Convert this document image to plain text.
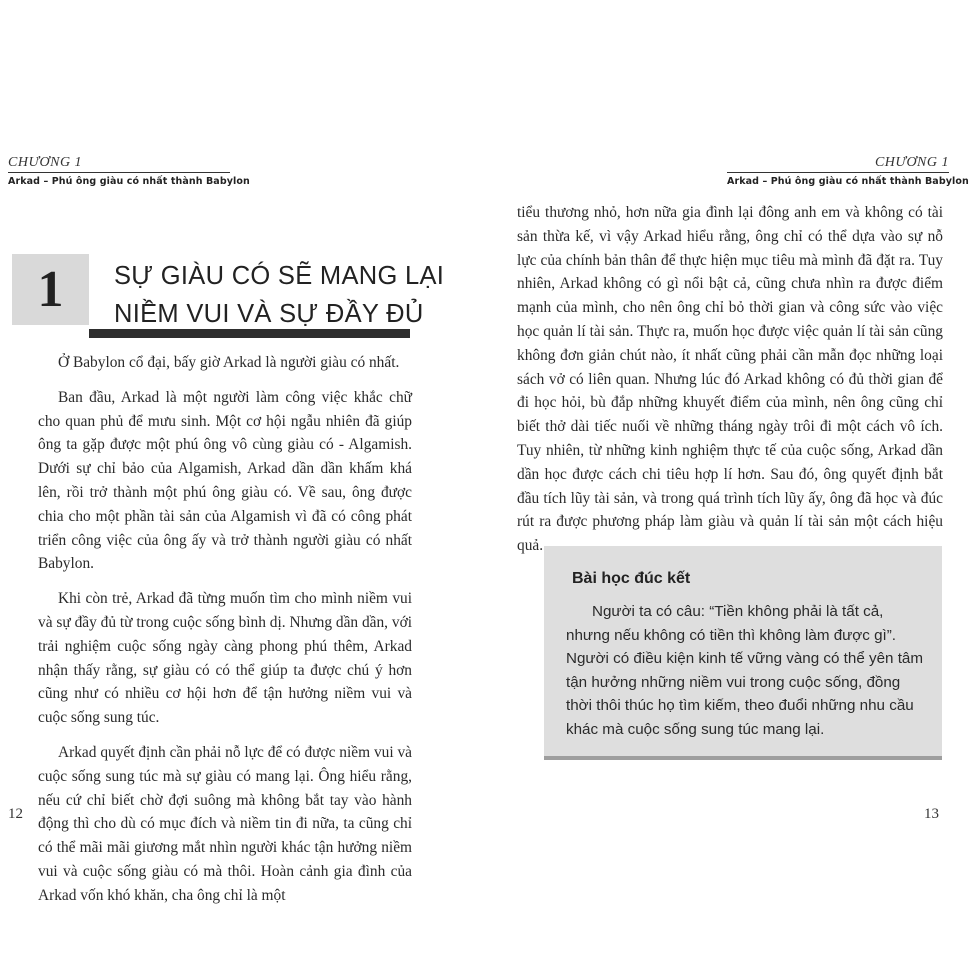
CHƯƠNG 1
Arkad – Phú ông giàu có nhất thành Babylon
1	SỰ GIÀU CÓ SẼ MANG LẠI
NIỀM VUI VÀ SỰ ĐẦY ĐỦ

Ở Babylon cổ đại, bấy giờ Arkad là người giàu có nhất.

Ban đầu, Arkad là một người làm công việc khắc chữ cho quan phủ để mưu sinh. Một cơ hội ngẫu nhiên đã giúp ông ta gặp được một phú ông vô cùng giàu có - Algamish. Dưới sự chỉ bảo của Algamish, Arkad dần dần khấm khá lên, rồi trở thành một phú ông giàu có. Về sau, ông được chia cho một phần tài sản của Algamish vì đã có công phát triển công việc của ông ấy và trở thành người giàu có nhất Babylon.

Khi còn trẻ, Arkad đã từng muốn tìm cho mình niềm vui và sự đầy đủ từ trong cuộc sống bình dị. Nhưng dần dần, với trải nghiệm cuộc sống ngày càng phong phú thêm, Arkad nhận thấy rằng, sự giàu có có thể giúp ta được chú ý hơn cũng như có nhiều cơ hội hơn để tận hưởng niềm vui và cuộc sống sung túc.

Arkad quyết định cần phải nỗ lực để có được niềm vui và cuộc sống sung túc mà sự giàu có mang lại. Ông hiểu rằng, nếu cứ chỉ biết chờ đợi suông mà không bắt tay vào hành động thì cho dù có mục đích và niềm tin đi nữa, ta cũng chỉ có thể mãi mãi giương mắt nhìn người khác tận hưởng niềm vui và cuộc sống giàu có mà thôi. Hoàn cảnh gia đình của Arkad vốn khó khăn, cha ông chỉ là một

12
CHƯƠNG 1
Arkad – Phú ông giàu có nhất thành Babylon

tiểu thương nhỏ, hơn nữa gia đình lại đông anh em và không có tài sản thừa kế, vì vậy Arkad hiểu rằng, ông chỉ có thể dựa vào sự nỗ lực của chính bản thân để thực hiện mục tiêu mà mình đã đặt ra. Tuy nhiên, Arkad không có gì nổi bật cả, cũng chưa nhìn ra được điểm mạnh của mình, cho nên ông chỉ bỏ thời gian và công sức vào việc học quản lí tài sản. Thực ra, muốn học được việc quản lí tài sản cũng không đơn giản chút nào, ít nhất cũng phải cần mẫn đọc những loại sách vở có liên quan. Nhưng lúc đó Arkad không có đủ thời gian để đi học hỏi, bù đắp những khuyết điểm của mình, nên ông cũng chỉ biết thở dài tiếc nuối về những tháng ngày trôi đi một cách vô ích. Tuy nhiên, từ những kinh nghiệm thực tế của cuộc sống, Arkad dần dần học được cách chi tiêu hợp lí hơn. Sau đó, ông quyết định bắt đầu tích lũy tài sản, và trong quá trình tích lũy ấy, ông đã học và đúc rút ra được phương pháp làm giàu và quản lí tài sản một cách hiệu quả.

Bài học đúc kết
Người ta có câu: “Tiền không phải là tất cả, nhưng nếu không có tiền thì không làm được gì”. Người có điều kiện kinh tế vững vàng có thể yên tâm tận hưởng những niềm vui trong cuộc sống, đồng thời thôi thúc họ tìm kiếm, theo đuổi những nhu cầu khác mà cuộc sống sung túc mang lại.
13
